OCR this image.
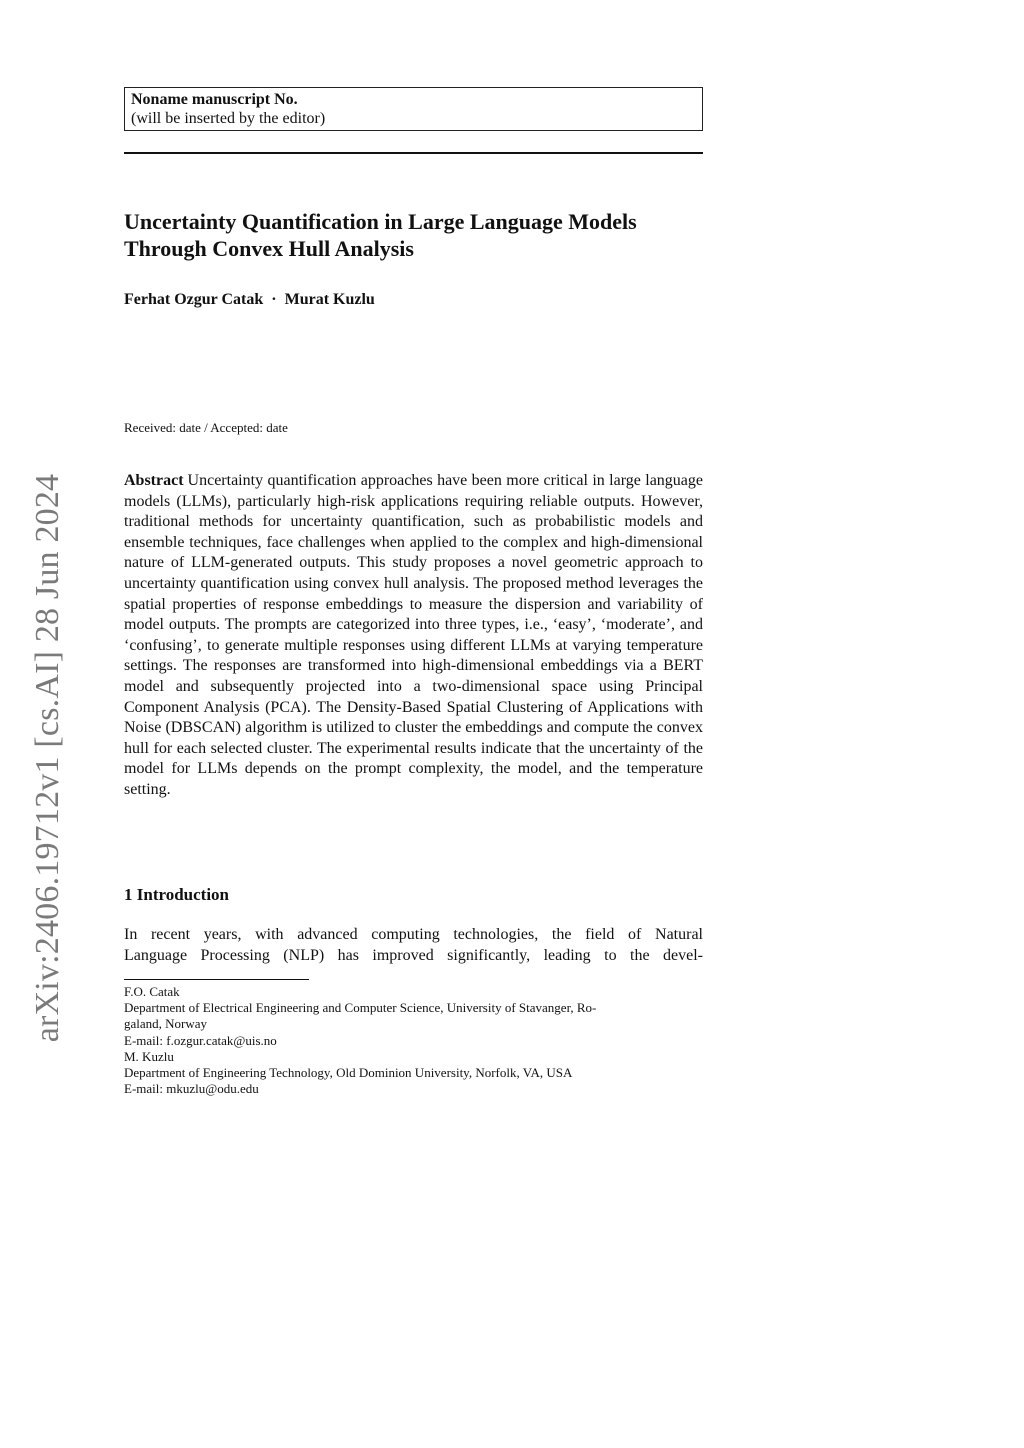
arXiv:2406.19712v1 [cs.AI] 28 Jun 2024
Noname manuscript No.
(will be inserted by the editor)
Uncertainty Quantification in Large Language Models Through Convex Hull Analysis
Ferhat Ozgur Catak · Murat Kuzlu
Received: date / Accepted: date
Abstract Uncertainty quantification approaches have been more critical in large language models (LLMs), particularly high-risk applications requiring reliable outputs. However, traditional methods for uncertainty quantification, such as probabilistic models and ensemble techniques, face challenges when applied to the complex and high-dimensional nature of LLM-generated outputs. This study proposes a novel geometric approach to uncertainty quantification using convex hull analysis. The proposed method leverages the spatial properties of response embeddings to measure the dispersion and variability of model outputs. The prompts are categorized into three types, i.e., ‘easy’, ‘moderate’, and ‘confusing’, to generate multiple responses using different LLMs at varying temperature settings. The responses are transformed into high-dimensional embeddings via a BERT model and subsequently projected into a two-dimensional space using Principal Component Analysis (PCA). The Density-Based Spatial Clustering of Applications with Noise (DBSCAN) algorithm is utilized to cluster the embeddings and compute the convex hull for each selected cluster. The experimental results indicate that the uncertainty of the model for LLMs depends on the prompt complexity, the model, and the temperature setting.
1 Introduction
In recent years, with advanced computing technologies, the field of Natural
Language Processing (NLP) has improved significantly, leading to the devel-
F.O. Catak
Department of Electrical Engineering and Computer Science, University of Stavanger, Ro-
galand, Norway
E-mail: f.ozgur.catak@uis.no
M. Kuzlu
Department of Engineering Technology, Old Dominion University, Norfolk, VA, USA
E-mail: mkuzlu@odu.edu
